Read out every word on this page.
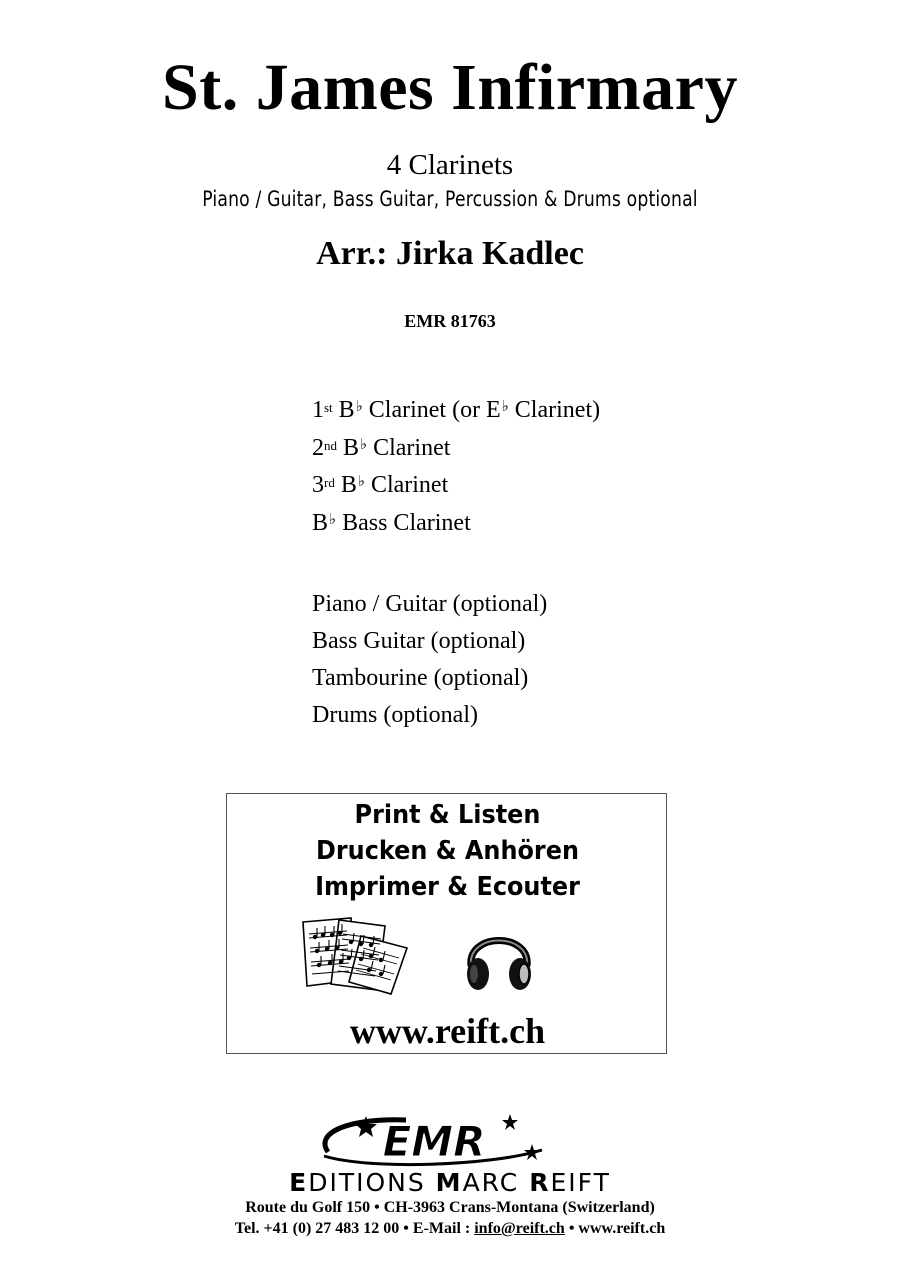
St. James Infirmary
4 Clarinets
Piano / Guitar, Bass Guitar, Percussion & Drums optional
Arr.: Jirka Kadlec
EMR 81763
1st B♭ Clarinet (or E♭ Clarinet)
2nd B♭ Clarinet
3rd B♭ Clarinet
B♭ Bass Clarinet
Piano / Guitar (optional)
Bass Guitar (optional)
Tambourine (optional)
Drums (optional)
Print & Listen
Drucken & Anhören
Imprimer & Ecouter
www.reift.ch
EMR
EDITIONS MARC REIFT
Route du Golf 150 • CH-3963 Crans-Montana (Switzerland)
Tel. +41 (0) 27 483 12 00 • E-Mail : info@reift.ch • www.reift.ch
